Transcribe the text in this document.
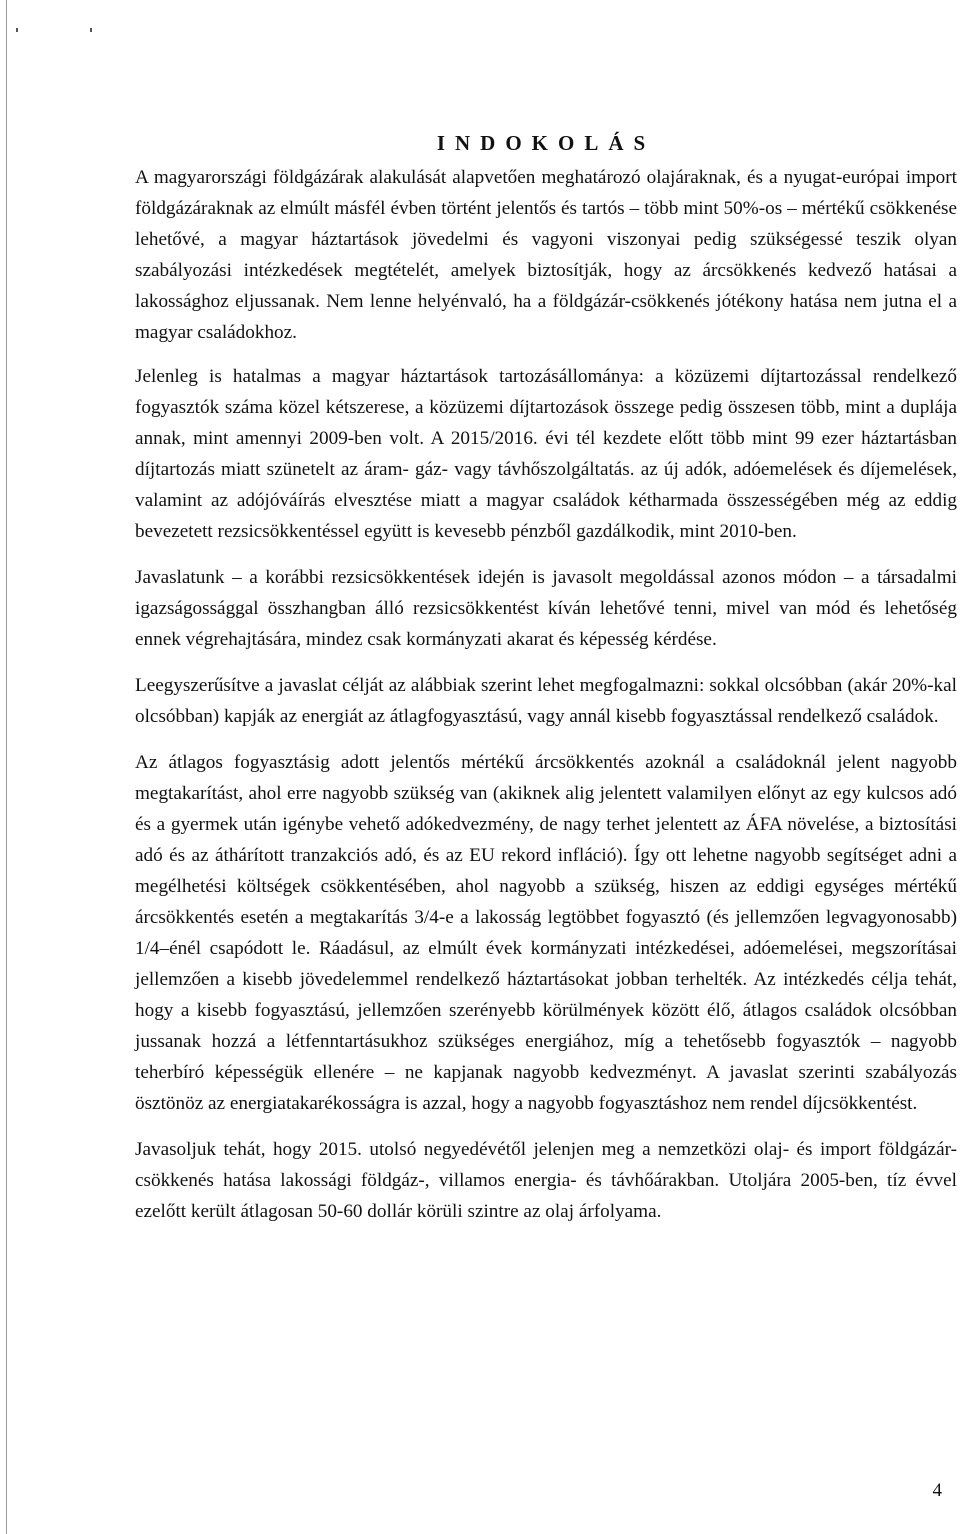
INDOKOLÁS

A magyarországi földgázárak alakulását alapvetően meghatározó olajáraknak, és a nyugat-európai import földgázáraknak az elmúlt másfél évben történt jelentős és tartós – több mint 50%-os – mértékű csökkenése lehetővé, a magyar háztartások jövedelmi és vagyoni viszonyai pedig szükségessé teszik olyan szabályozási intézkedések megtételét, amelyek biztosítják, hogy az árcsökkenés kedvező hatásai a lakossághoz eljussanak. Nem lenne helyénvaló, ha a földgázár-csökkenés jótékony hatása nem jutna el a magyar családokhoz.

Jelenleg is hatalmas a magyar háztartások tartozásállománya: a közüzemi díjtartozással rendelkező fogyasztók száma közel kétszerese, a közüzemi díjtartozások összege pedig összesen több, mint a duplája annak, mint amennyi 2009-ben volt. A 2015/2016. évi tél kezdete előtt több mint 99 ezer háztartásban díjtartozás miatt szünetelt az áram- gáz- vagy távhőszolgáltatás. az új adók, adóemelések és díjemelések, valamint az adójóváírás elvesztése miatt a magyar családok kétharmada összességében még az eddig bevezetett rezsicsökkentéssel együtt is kevesebb pénzből gazdálkodik, mint 2010-ben.

Javaslatunk – a korábbi rezsicsökkentések idején is javasolt megoldással azonos módon – a társadalmi igazságossággal összhangban álló rezsicsökkentést kíván lehetővé tenni, mivel van mód és lehetőség ennek végrehajtására, mindez csak kormányzati akarat és képesség kérdése.

Leegyszerűsítve a javaslat célját az alábbiak szerint lehet megfogalmazni: sokkal olcsóbban (akár 20%-kal olcsóbban) kapják az energiát az átlagfogyasztású, vagy annál kisebb fogyasztással rendelkező családok.

Az átlagos fogyasztásig adott jelentős mértékű árcsökkentés azoknál a családoknál jelent nagyobb megtakarítást, ahol erre nagyobb szükség van (akiknek alig jelentett valamilyen előnyt az egy kulcsos adó és a gyermek után igénybe vehető adókedvezmény, de nagy terhet jelentett az ÁFA növelése, a biztosítási adó és az áthárított tranzakciós adó, és az EU rekord infláció). Így ott lehetne nagyobb segítséget adni a megélhetési költségek csökkentésében, ahol nagyobb a szükség, hiszen az eddigi egységes mértékű árcsökkentés esetén a megtakarítás 3/4-e a lakosság legtöbbet fogyasztó (és jellemzően legvagyonosabb) 1/4–énél csapódott le. Ráadásul, az elmúlt évek kormányzati intézkedései, adóemelései, megszorításai jellemzően a kisebb jövedelemmel rendelkező háztartásokat jobban terhelték. Az intézkedés célja tehát, hogy a kisebb fogyasztású, jellemzően szerényebb körülmények között élő, átlagos családok olcsóbban jussanak hozzá a létfenntartásukhoz szükséges energiához, míg a tehetősebb fogyasztók – nagyobb teherbíró képességük ellenére – ne kapjanak nagyobb kedvezményt. A javaslat szerinti szabályozás ösztönöz az energiatakarékosságra is azzal, hogy a nagyobb fogyasztáshoz nem rendel díjcsökkentést.

Javasoljuk tehát, hogy 2015. utolsó negyedévétől jelenjen meg a nemzetközi olaj- és import földgázár-csökkenés hatása lakossági földgáz-, villamos energia- és távhőárakban. Utoljára 2005-ben, tíz évvel ezelőtt került átlagosan 50-60 dollár körüli szintre az olaj árfolyama.

4
